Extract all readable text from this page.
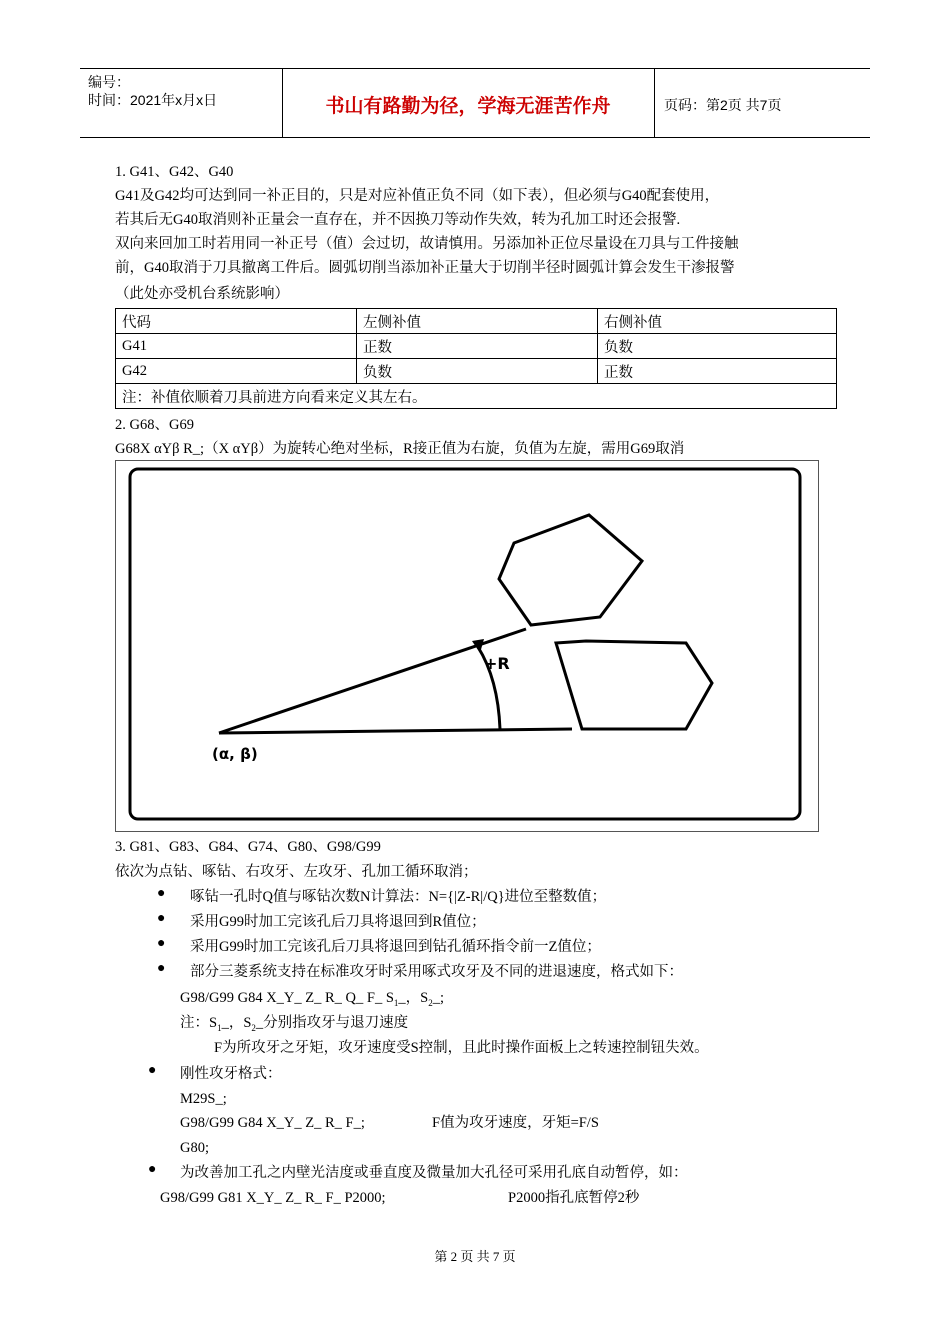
编号：
时间：2021年x月x日	书山有路勤为径，学海无涯苦作舟	页码：第2页 共7页
1. G41、G42、G40
G41及G42均可达到同一补正目的，只是对应补值正负不同（如下表），但必须与G40配套使用，
若其后无G40取消则补正量会一直存在，并不因换刀等动作失效，转为孔加工时还会报警.
双向来回加工时若用同一补正号（值）会过切，故请慎用。另添加补正位尽量设在刀具与工件接触
前，G40取消于刀具撤离工件后。圆弧切削当添加补正量大于切削半径时圆弧计算会发生干渗报警
（此处亦受机台系统影响）
代码	左侧补值	右侧补值
G41	正数	负数
G42	负数	正数
注：补值依顺着刀具前进方向看来定义其左右。		
2. G68、G69
G68X αYβ R_;（X αYβ）为旋转心绝对坐标，R接正值为右旋，负值为左旋，需用G69取消
+R
(α, β)
3. G81、G83、G84、G74、G80、G98/G99
依次为点钻、啄钻、右攻牙、左攻牙、孔加工循环取消；
● 啄钻一孔时Q值与啄钻次数N计算法：N={|Z-R|/Q}进位至整数值；
● 采用G99时加工完该孔后刀具将退回到R值位；
● 采用G99时加工完该孔后刀具将退回到钻孔循环指令前一Z值位；
● 部分三菱系统支持在标准攻牙时采用啄式攻牙及不同的进退速度，格式如下：
G98/G99 G84 X_Y_ Z_ R_ Q_ F_ $S_1\_$，$S_2\_$;
注：$S_1\_$，$S_2\_$分别指攻牙与退刀速度
F为所攻牙之牙矩，攻牙速度受S控制，且此时操作面板上之转速控制钮失效。
● 刚性攻牙格式：
M29S_;
G98/G99 G84 X_Y_ Z_ R_ F_;	F值为攻牙速度，牙矩=F/S
G80;
● 为改善加工孔之内壁光洁度或垂直度及微量加大孔径可采用孔底自动暂停，如：
G98/G99 G81 X_Y_ Z_ R_ F_ P2000;	P2000指孔底暂停2秒
第 2 页 共 7 页
